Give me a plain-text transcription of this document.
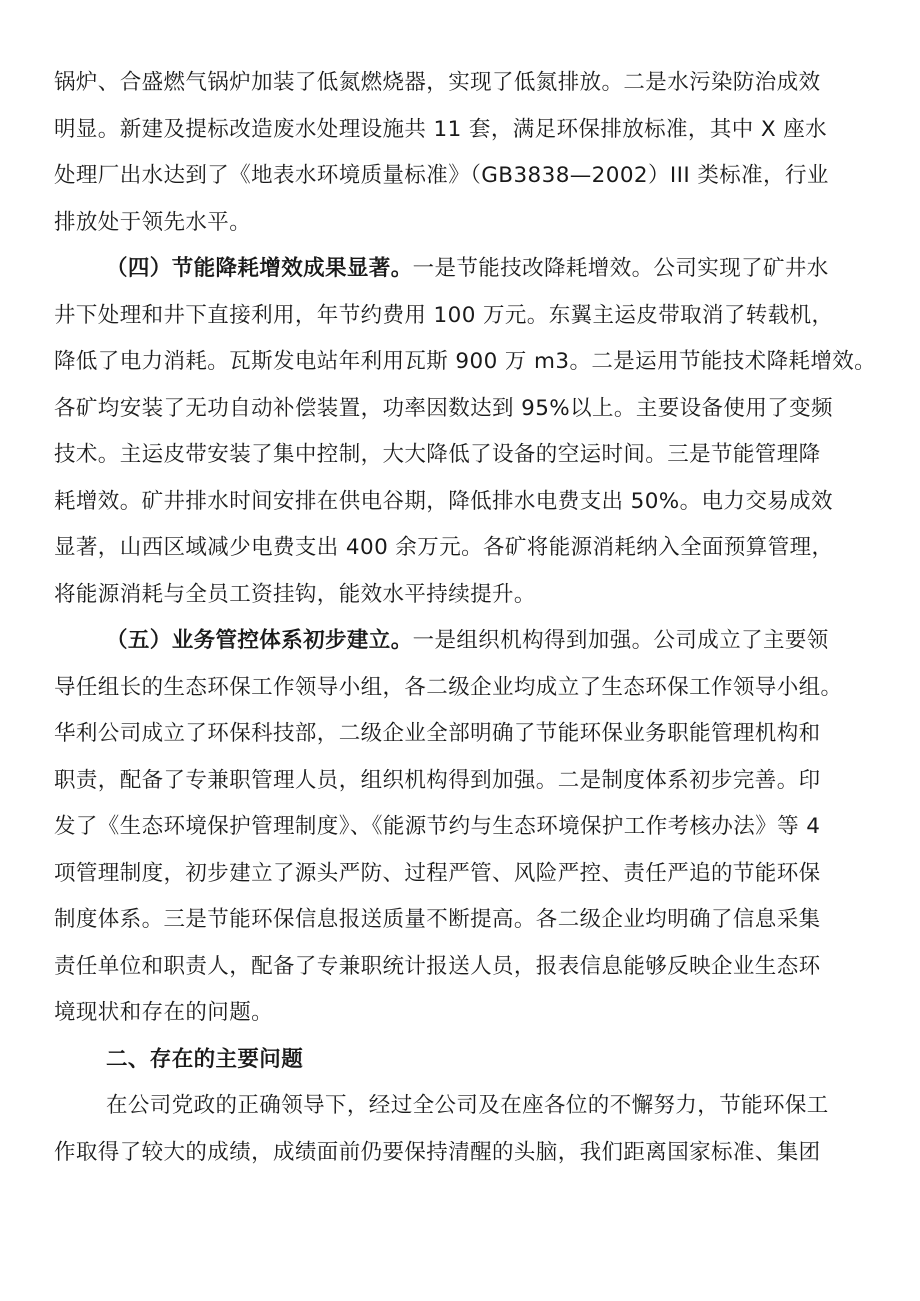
锅炉、合盛燃气锅炉加装了低氮燃烧器，实现了低氮排放。二是水污染防治成效
明显。新建及提标改造废水处理设施共 11 套，满足环保排放标准，其中 X 座水
处理厂出水达到了《地表水环境质量标准》（GB3838—2002）III 类标准，行业
排放处于领先水平。
（四）节能降耗增效成果显著。一是节能技改降耗增效。公司实现了矿井水
井下处理和井下直接利用，年节约费用 100 万元。东翼主运皮带取消了转载机，
降低了电力消耗。瓦斯发电站年利用瓦斯 900 万 m3。二是运用节能技术降耗增效。
各矿均安装了无功自动补偿装置，功率因数达到 95%以上。主要设备使用了变频
技术。主运皮带安装了集中控制，大大降低了设备的空运时间。三是节能管理降
耗增效。矿井排水时间安排在供电谷期，降低排水电费支出 50%。电力交易成效
显著，山西区域减少电费支出 400 余万元。各矿将能源消耗纳入全面预算管理，
将能源消耗与全员工资挂钩，能效水平持续提升。
（五）业务管控体系初步建立。一是组织机构得到加强。公司成立了主要领
导任组长的生态环保工作领导小组，各二级企业均成立了生态环保工作领导小组。
华利公司成立了环保科技部，二级企业全部明确了节能环保业务职能管理机构和
职责，配备了专兼职管理人员，组织机构得到加强。二是制度体系初步完善。印
发了《生态环境保护管理制度》、《能源节约与生态环境保护工作考核办法》等 4
项管理制度，初步建立了源头严防、过程严管、风险严控、责任严追的节能环保
制度体系。三是节能环保信息报送质量不断提高。各二级企业均明确了信息采集
责任单位和职责人，配备了专兼职统计报送人员，报表信息能够反映企业生态环
境现状和存在的问题。
二、存在的主要问题
在公司党政的正确领导下，经过全公司及在座各位的不懈努力，节能环保工
作取得了较大的成绩，成绩面前仍要保持清醒的头脑，我们距离国家标准、集团
